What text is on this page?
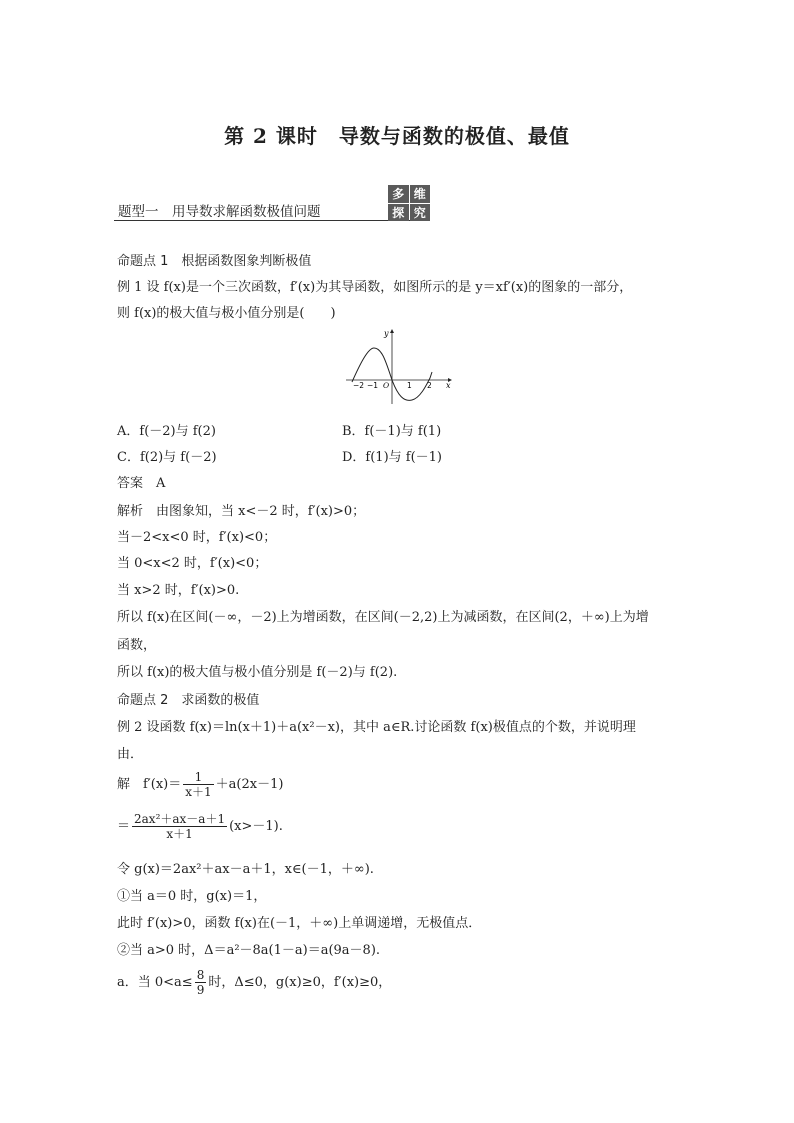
第 2 课时　导数与函数的极值、最值
题型一　用导数求解函数极值问题
多 维
探 究
命题点 1　根据函数图象判断极值
例 1 设 f(x)是一个三次函数，f′(x)为其导函数，如图所示的是 y＝xf′(x)的图象的一部分，
则 f(x)的极大值与极小值分别是(　　)
y
x
−2 −1 O 1 2
A．f(－2)与 f(2)	B．f(－1)与 f(1)
C．f(2)与 f(－2)	D．f(1)与 f(－1)
答案　A
解析　由图象知，当 x<－2 时，f′(x)>0；
当－2<x<0 时，f′(x)<0；
当 0<x<2 时，f′(x)<0；
当 x>2 时，f′(x)>0.
所以 f(x)在区间(－∞，－2)上为增函数，在区间(－2,2)上为减函数，在区间(2，＋∞)上为增
函数，
所以 f(x)的极大值与极小值分别是 f(－2)与 f(2).
命题点 2　求函数的极值
例 2 设函数 f(x)＝ln(x＋1)＋a(x²－x)，其中 a∈R.讨论函数 f(x)极值点的个数，并说明理
由．
解　$f'(x)= \frac{1}{x+1} +a(2x-1)$
＝ $\frac{\text{2ax²＋ax－a＋1}}{x+1} (x>-1)$.
令 g(x)＝2ax²＋ax－a＋1，x∈(－1，＋∞).
①当 a＝0 时，g(x)＝1，
此时 f′(x)>0，函数 f(x)在(－1，＋∞)上单调递增，无极值点．
②当 a>0 时，Δ＝a²－8a(1－a)＝a(9a－8).
a．当 $0<a\le \frac{8}{9}$ 时，Δ≤0，g(x)≥0，f′(x)≥0，
